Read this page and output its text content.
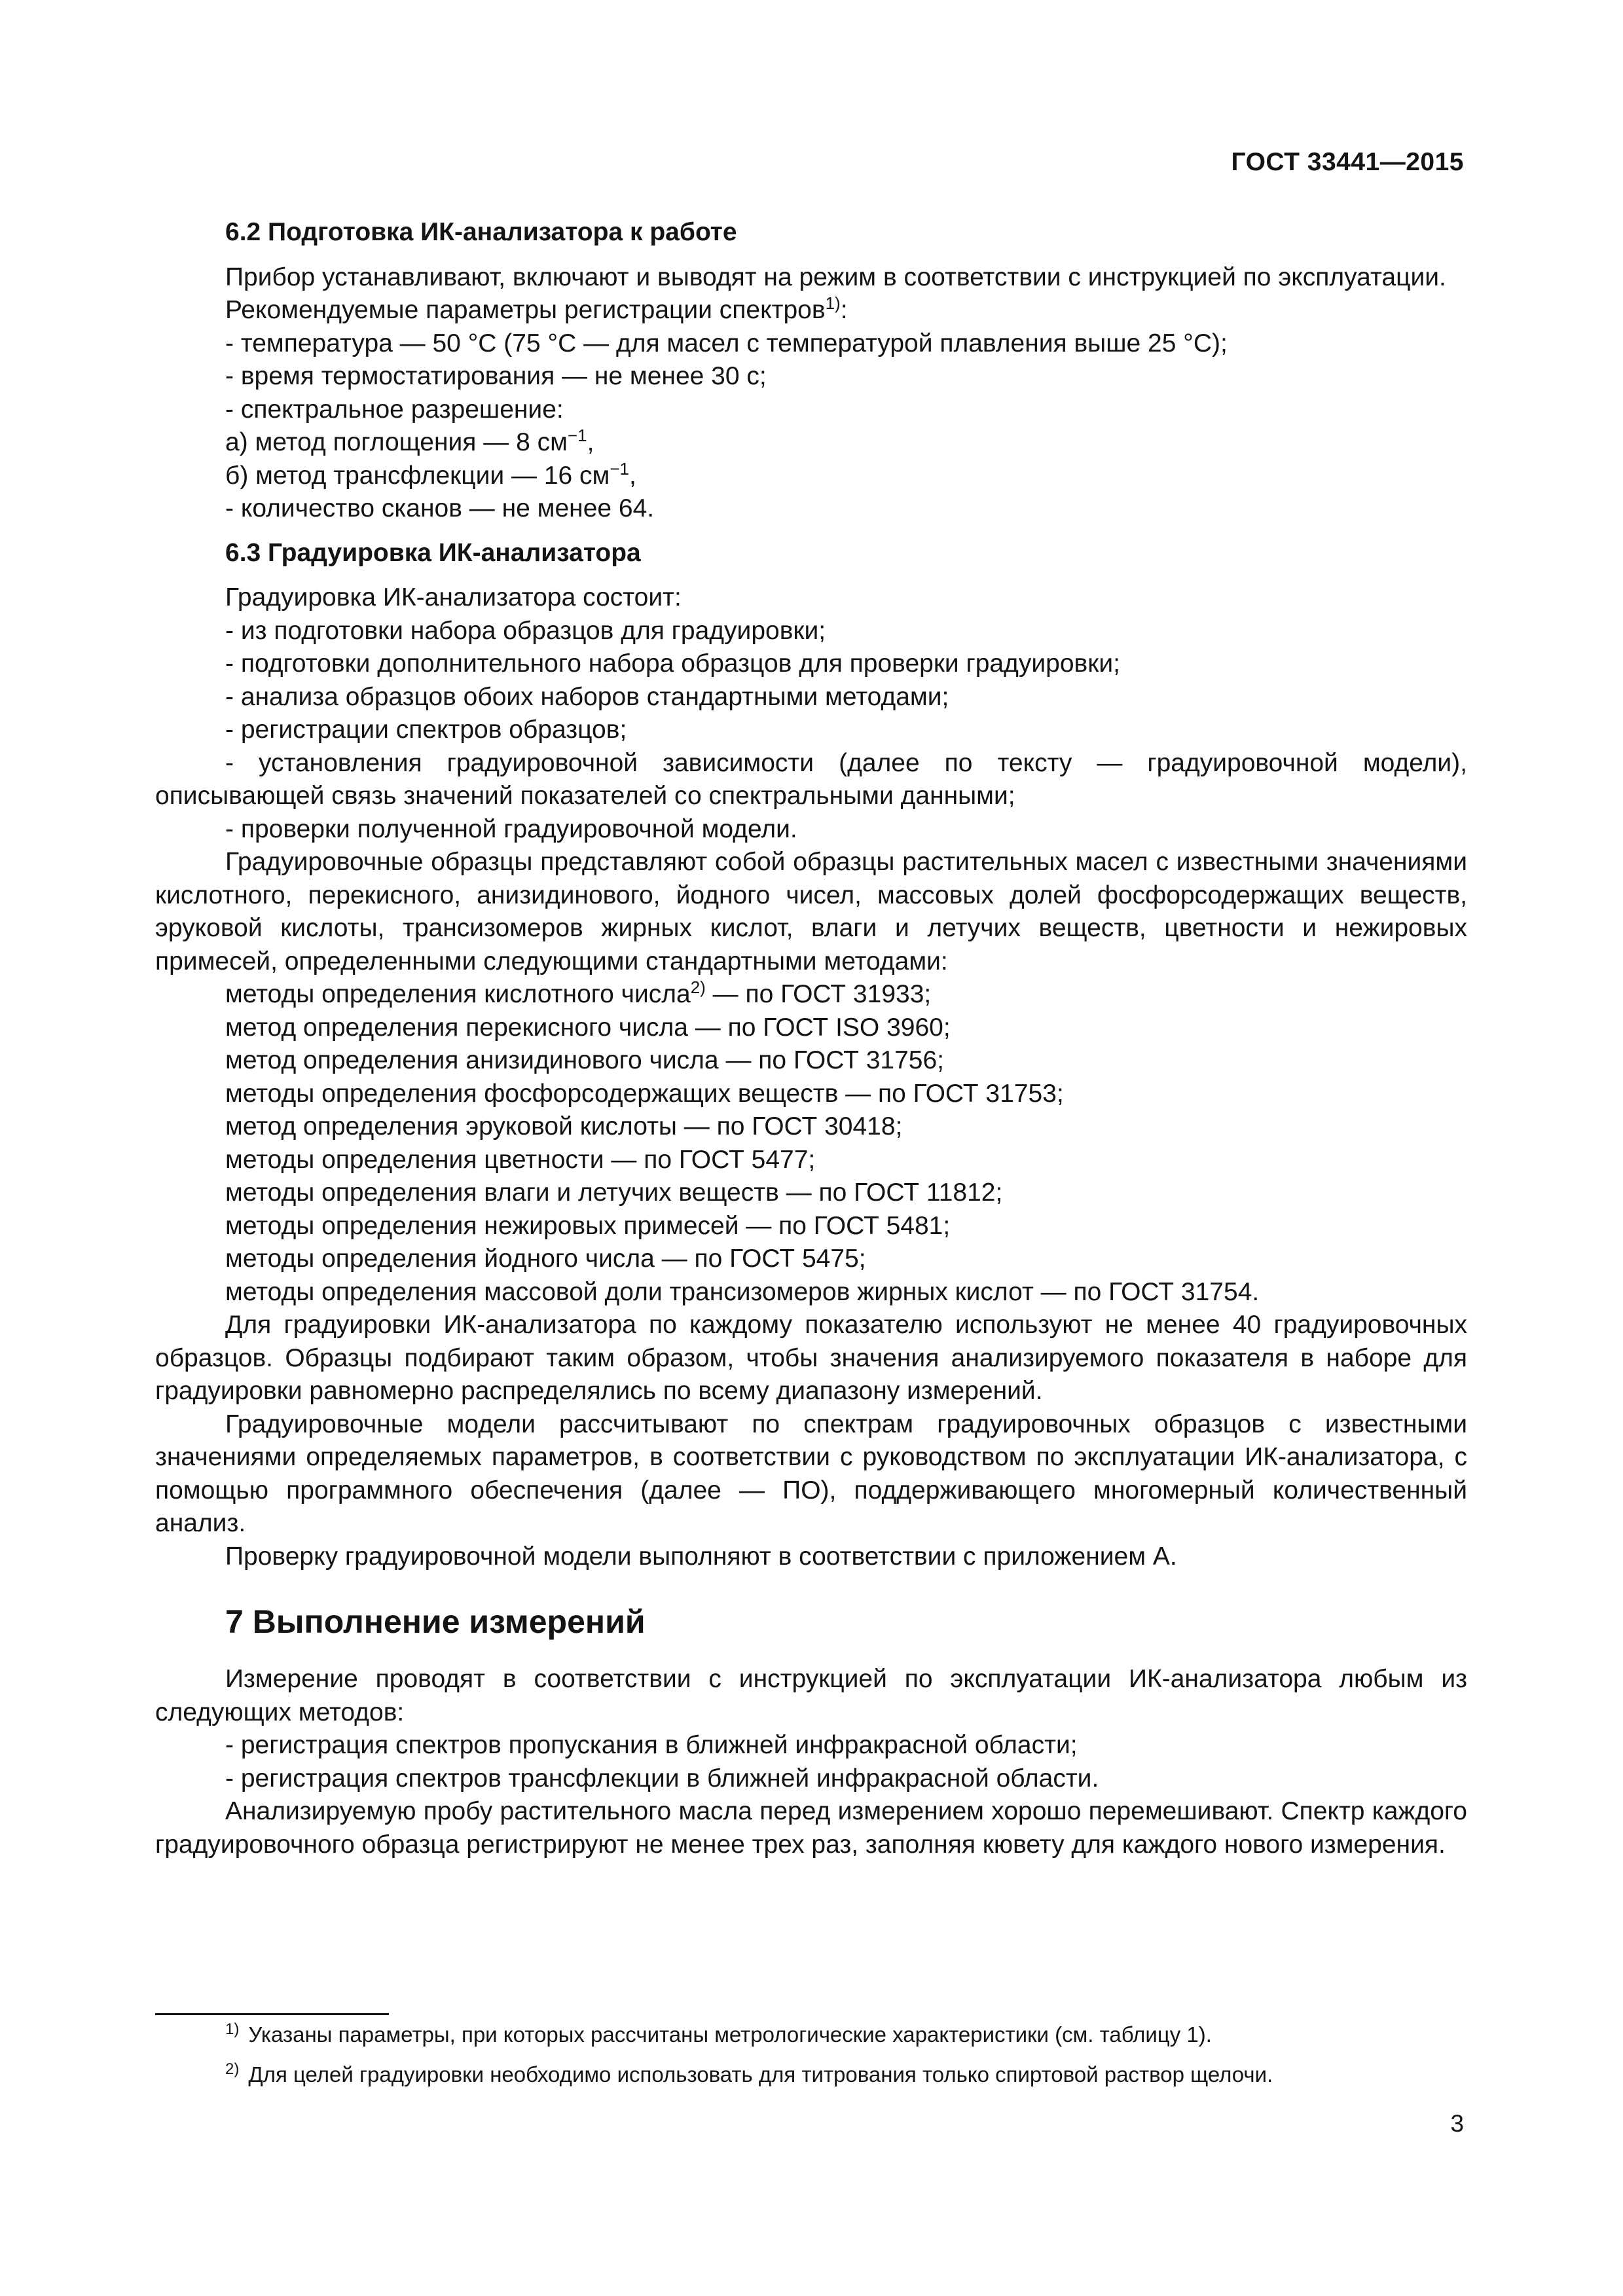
ГОСТ 33441—2015

6.2 Подготовка ИК-анализатора к работе

Прибор устанавливают, включают и выводят на режим в соответствии с инструкцией по эксплуатации.

Рекомендуемые параметры регистрации спектров$^{1)}$:

- температура — 50 °С (75 °С — для масел с температурой плавления выше 25 °С);

- время термостатирования — не менее 30 с;

- спектральное разрешение:

а) метод поглощения — 8 $см^{-1}$,

б) метод трансфлекции — 16 $см^{-1}$,

- количество сканов — не менее 64.

6.3 Градуировка ИК-анализатора

Градуировка ИК-анализатора состоит:

- из подготовки набора образцов для градуировки;

- подготовки дополнительного набора образцов для проверки градуировки;

- анализа образцов обоих наборов стандартными методами;

- регистрации спектров образцов;

- установления градуировочной зависимости (далее по тексту — градуировочной модели), описывающей связь значений показателей со спектральными данными;

- проверки полученной градуировочной модели.

Градуировочные образцы представляют собой образцы растительных масел с известными значениями кислотного, перекисного, анизидинового, йодного чисел, массовых долей фосфорсодержащих веществ, эруковой кислоты, трансизомеров жирных кислот, влаги и летучих веществ, цветности и нежировых примесей, определенными следующими стандартными методами:

методы определения кислотного числа$^{2)}$ — по ГОСТ 31933;

метод определения перекисного числа — по ГОСТ ISO 3960;

метод определения анизидинового числа — по ГОСТ 31756;

методы определения фосфорсодержащих веществ — по ГОСТ 31753;

метод определения эруковой кислоты — по ГОСТ 30418;

методы определения цветности — по ГОСТ 5477;

методы определения влаги и летучих веществ — по ГОСТ 11812;

методы определения нежировых примесей — по ГОСТ 5481;

методы определения йодного числа — по ГОСТ 5475;

методы определения массовой доли трансизомеров жирных кислот — по ГОСТ 31754.

Для градуировки ИК-анализатора по каждому показателю используют не менее 40 градуировочных образцов. Образцы подбирают таким образом, чтобы значения анализируемого показателя в наборе для градуировки равномерно распределялись по всему диапазону измерений.

Градуировочные модели рассчитывают по спектрам градуировочных образцов с известными значениями определяемых параметров, в соответствии с руководством по эксплуатации ИК-анализатора, с помощью программного обеспечения (далее — ПО), поддерживающего многомерный количественный анализ.

Проверку градуировочной модели выполняют в соответствии с приложением А.

7 Выполнение измерений

Измерение проводят в соответствии с инструкцией по эксплуатации ИК-анализатора любым из следующих методов:

- регистрация спектров пропускания в ближней инфракрасной области;

- регистрация спектров трансфлекции в ближней инфракрасной области.

Анализируемую пробу растительного масла перед измерением хорошо перемешивают. Спектр каждого градуировочного образца регистрируют не менее трех раз, заполняя кювету для каждого нового измерения.

$^{1)}$ Указаны параметры, при которых рассчитаны метрологические характеристики (см. таблицу 1).

$^{2)}$ Для целей градуировки необходимо использовать для титрования только спиртовой раствор щелочи.

3
